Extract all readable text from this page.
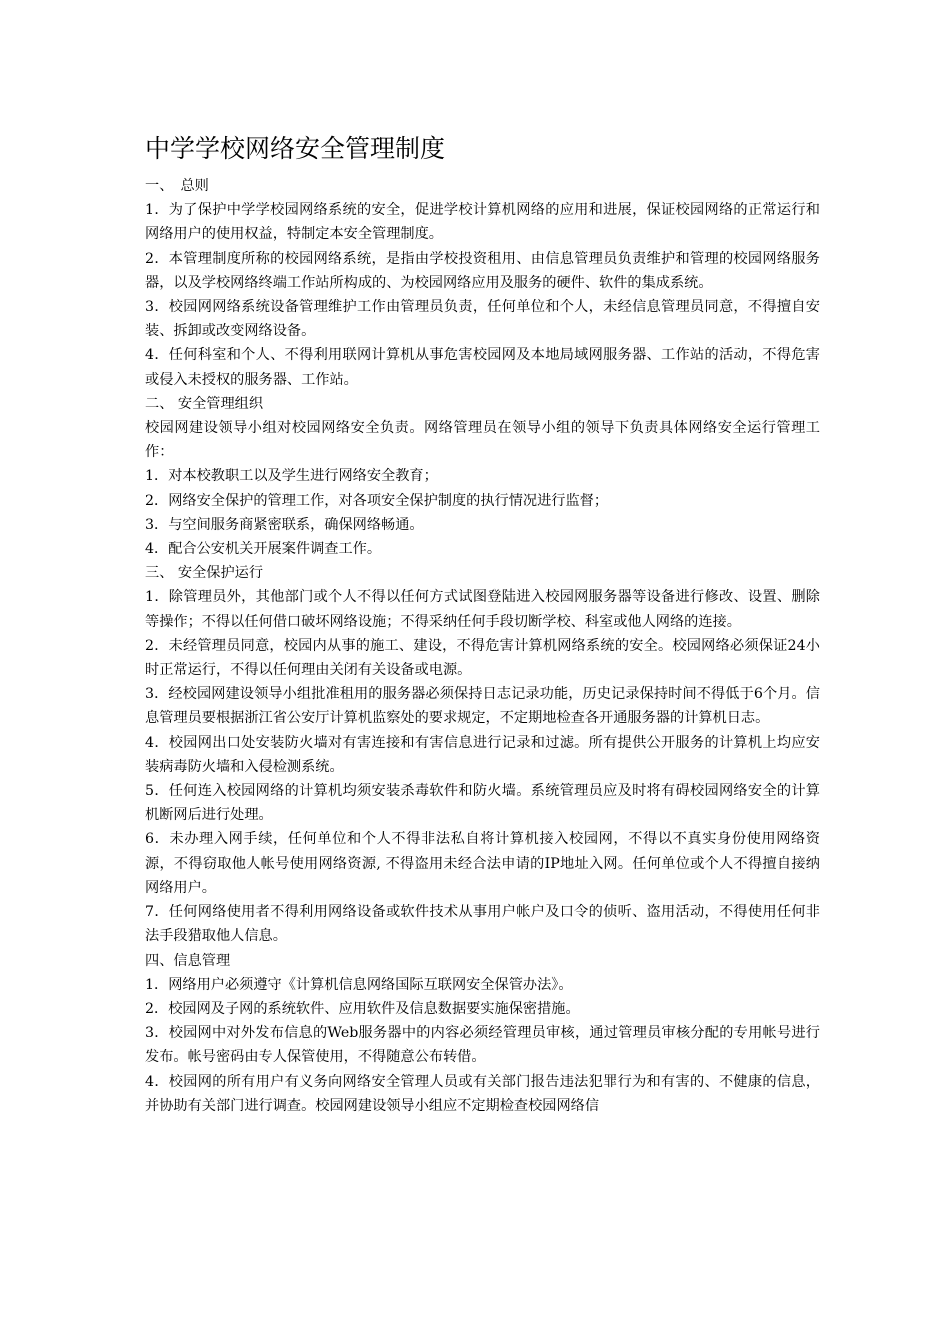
中学学校网络安全管理制度

一、　总则

1．为了保护中学学校园网络系统的安全，促进学校计算机网络的应用和进展，保证校园网络的正常运行和网络用户的使用权益，特制定本安全管理制度。

2．本管理制度所称的校园网络系统，是指由学校投资租用、由信息管理员负责维护和管理的校园网络服务器，以及学校网络终端工作站所构成的、为校园网络应用及服务的硬件、软件的集成系统。

3．校园网网络系统设备管理维护工作由管理员负责，任何单位和个人，未经信息管理员同意，不得擅自安装、拆卸或改变网络设备。

4．任何科室和个人、不得利用联网计算机从事危害校园网及本地局域网服务器、工作站的活动，不得危害或侵入未授权的服务器、工作站。

二、 安全管理组织

校园网建设领导小组对校园网络安全负责。网络管理员在领导小组的领导下负责具体网络安全运行管理工作：

1．对本校教职工以及学生进行网络安全教育；

2．网络安全保护的管理工作，对各项安全保护制度的执行情况进行监督；

3．与空间服务商紧密联系，确保网络畅通。

4．配合公安机关开展案件调查工作。

三、 安全保护运行

1．除管理员外，其他部门或个人不得以任何方式试图登陆进入校园网服务器等设备进行修改、设置、删除等操作；不得以任何借口破坏网络设施；不得采纳任何手段切断学校、科室或他人网络的连接。

2．未经管理员同意，校园内从事的施工、建设，不得危害计算机网络系统的安全。校园网络必须保证24小时正常运行，不得以任何理由关闭有关设备或电源。

3．经校园网建设领导小组批准租用的服务器必须保持日志记录功能，历史记录保持时间不得低于6个月。信息管理员要根据浙江省公安厅计算机监察处的要求规定，不定期地检查各开通服务器的计算机日志。

4．校园网出口处安装防火墙对有害连接和有害信息进行记录和过滤。所有提供公开服务的计算机上均应安装病毒防火墙和入侵检测系统。

5．任何连入校园网络的计算机均须安装杀毒软件和防火墙。系统管理员应及时将有碍校园网络安全的计算机断网后进行处理。

6．未办理入网手续，任何单位和个人不得非法私自将计算机接入校园网，不得以不真实身份使用网络资源，不得窃取他人帐号使用网络资源, 不得盗用未经合法申请的IP地址入网。任何单位或个人不得擅自接纳网络用户。

7．任何网络使用者不得利用网络设备或软件技术从事用户帐户及口令的侦听、盗用活动，不得使用任何非法手段猎取他人信息。

四、信息管理

1．网络用户必须遵守《计算机信息网络国际互联网安全保管办法》。

2．校园网及子网的系统软件、应用软件及信息数据要实施保密措施。

3．校园网中对外发布信息的Web服务器中的内容必须经管理员审核，通过管理员审核分配的专用帐号进行发布。帐号密码由专人保管使用，不得随意公布转借。

4．校园网的所有用户有义务向网络安全管理人员或有关部门报告违法犯罪行为和有害的、不健康的信息，并协助有关部门进行调查。校园网建设领导小组应不定期检查校园网络信
